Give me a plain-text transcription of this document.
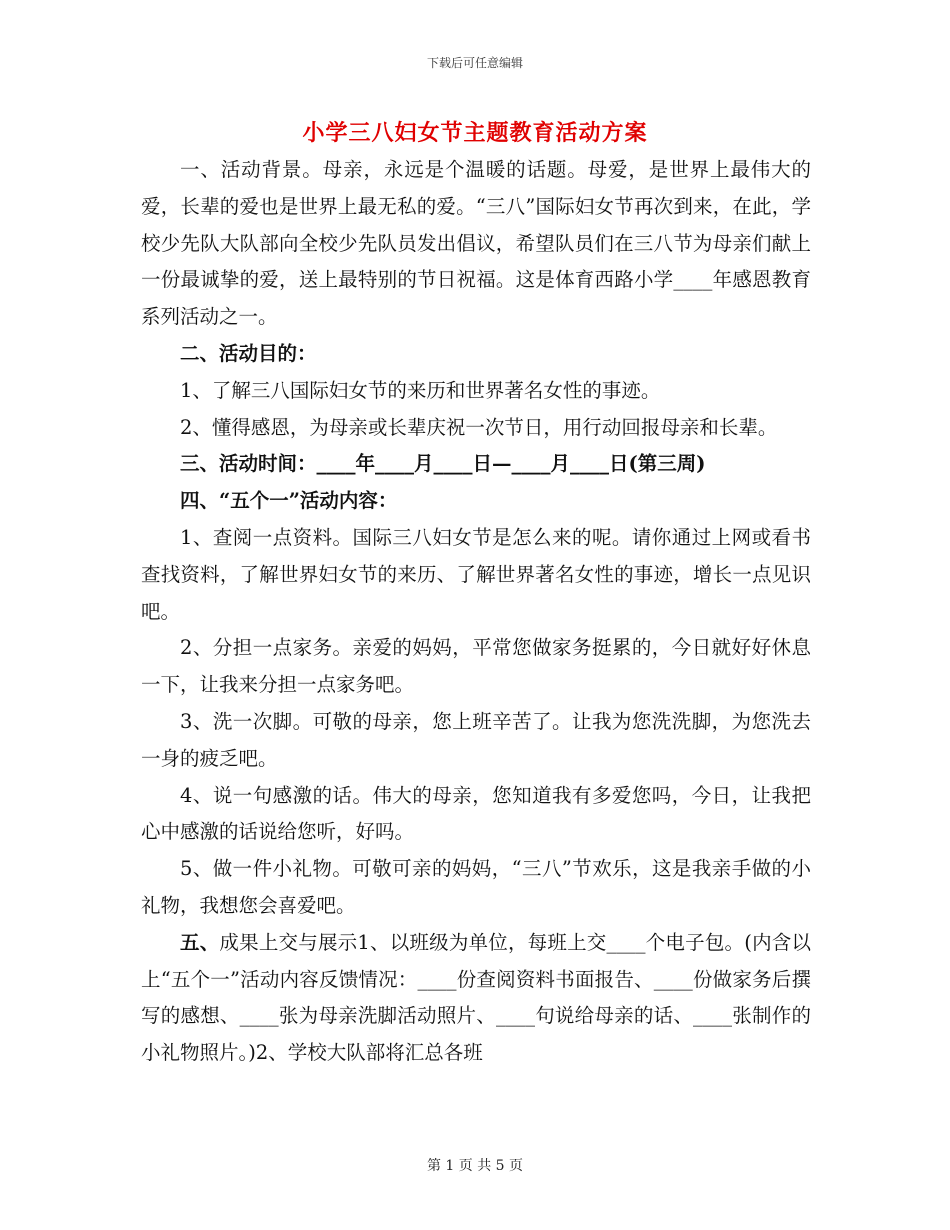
下载后可任意编辑
小学三八妇女节主题教育活动方案

一、活动背景。母亲，永远是个温暖的话题。母爱，是世界上最伟大的爱，长辈的爱也是世界上最无私的爱。“三八”国际妇女节再次到来，在此，学校少先队大队部向全校少先队员发出倡议，希望队员们在三八节为母亲们献上一份最诚挚的爱，送上最特别的节日祝福。这是体育西路小学____年感恩教育系列活动之一。

二、活动目的：

1、了解三八国际妇女节的来历和世界著名女性的事迹。

2、懂得感恩，为母亲或长辈庆祝一次节日，用行动回报母亲和长辈。

三、活动时间：____年____月____日—____月____日(第三周)

四、“五个一”活动内容：

1、查阅一点资料。国际三八妇女节是怎么来的呢。请你通过上网或看书查找资料，了解世界妇女节的来历、了解世界著名女性的事迹，增长一点见识吧。

2、分担一点家务。亲爱的妈妈，平常您做家务挺累的，今日就好好休息一下，让我来分担一点家务吧。

3、洗一次脚。可敬的母亲，您上班辛苦了。让我为您洗洗脚，为您洗去一身的疲乏吧。

4、说一句感激的话。伟大的母亲，您知道我有多爱您吗，今日，让我把心中感激的话说给您听，好吗。

5、做一件小礼物。可敬可亲的妈妈，“三八”节欢乐，这是我亲手做的小礼物，我想您会喜爱吧。

五、成果上交与展示1、以班级为单位，每班上交____个电子包。(内含以上“五个一”活动内容反馈情况：____份查阅资料书面报告、____份做家务后撰写的感想、____张为母亲洗脚活动照片、____句说给母亲的话、____张制作的小礼物照片。)2、学校大队部将汇总各班

第 1 页 共 5 页
